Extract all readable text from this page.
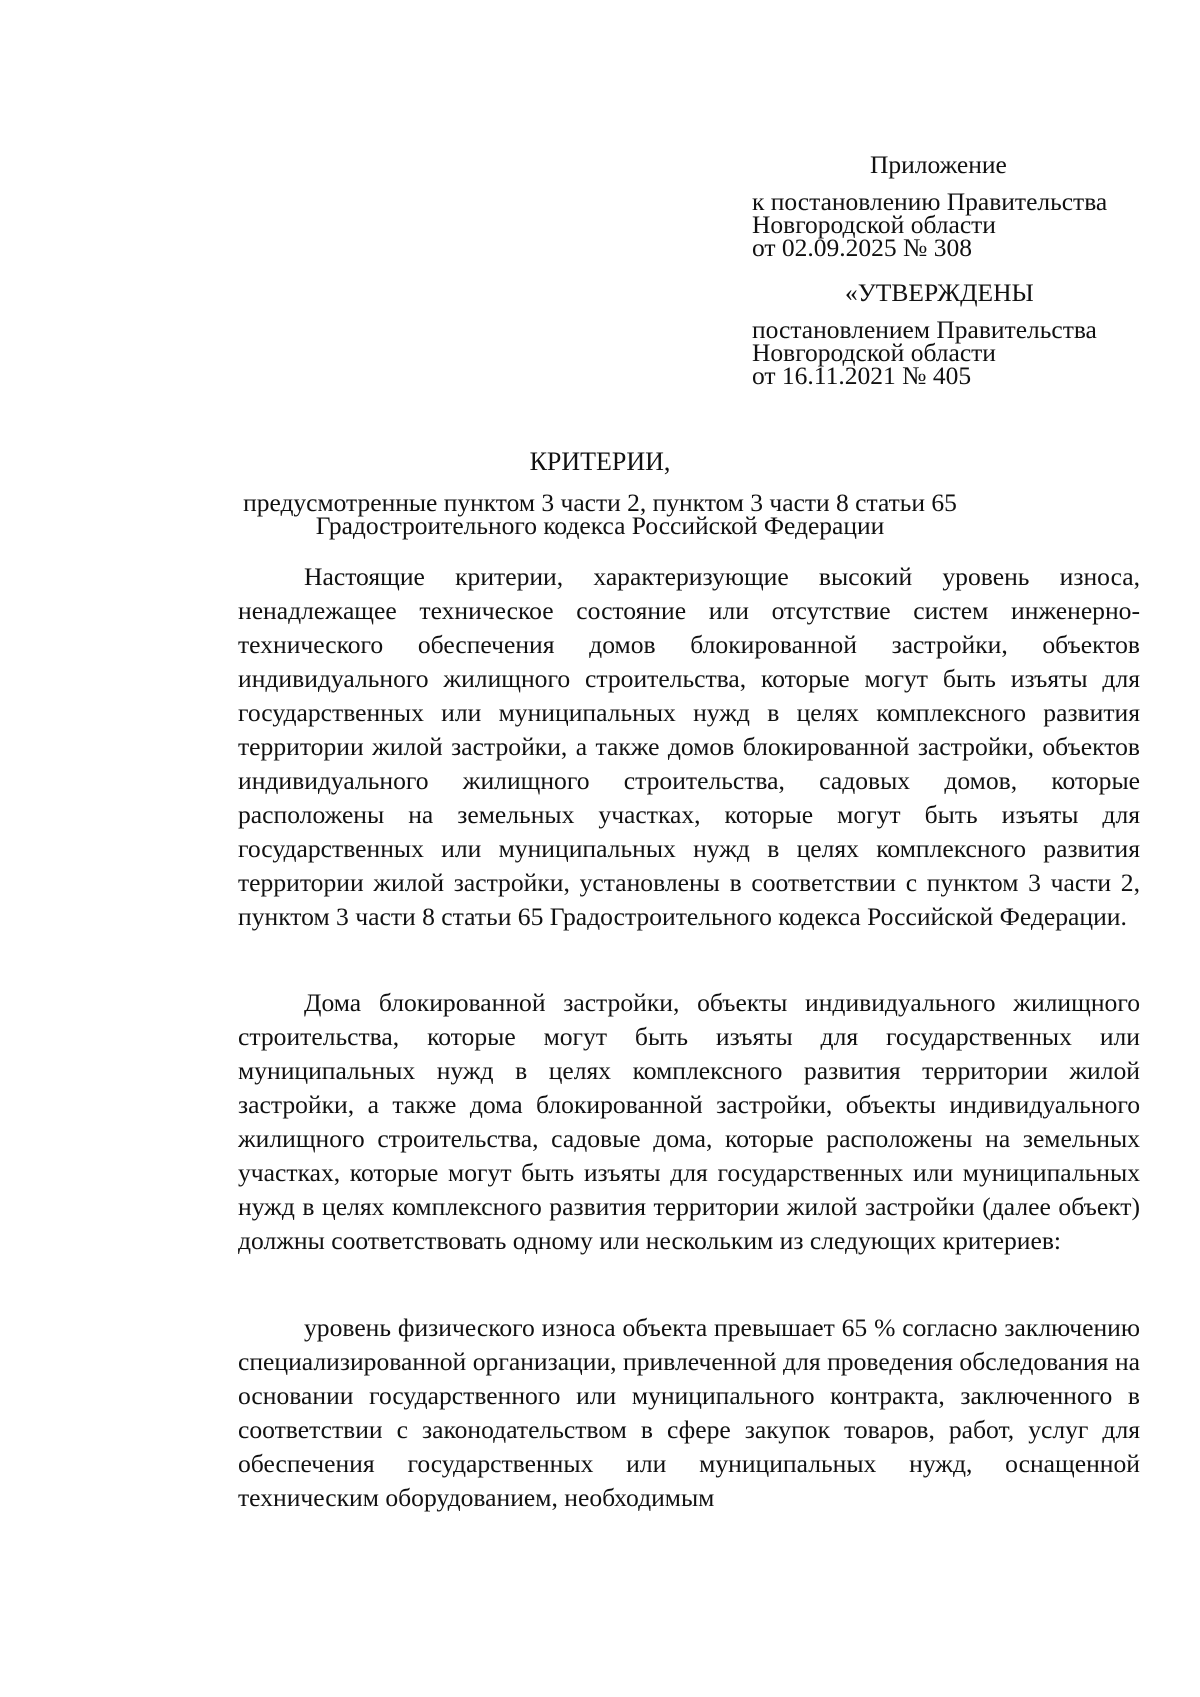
Приложение
к постановлению Правительства
Новгородской области
от 02.09.2025 № 308
«УТВЕРЖДЕНЫ
постановлением Правительства
Новгородской области
от 16.11.2021 № 405
КРИТЕРИИ,
предусмотренные пунктом 3 части 2, пунктом 3 части 8 статьи 65
Градостроительного кодекса Российской Федерации
Настоящие критерии, характеризующие высокий уровень износа, ненадлежащее техническое состояние или отсутствие систем инженерно-технического обеспечения домов блокированной застройки, объектов индивидуального жилищного строительства, которые могут быть изъяты для государственных или муниципальных нужд в целях комплексного развития территории жилой застройки, а также домов блокированной застройки, объектов индивидуального жилищного строительства, садовых домов, которые расположены на земельных участках, которые могут быть изъяты для государственных или муниципальных нужд в целях комплексного развития территории жилой застройки, установлены в соответствии с пунктом 3 части 2, пунктом 3 части 8 статьи 65 Градостроительного кодекса Российской Федерации.
Дома блокированной застройки, объекты индивидуального жилищного строительства, которые могут быть изъяты для государственных или муниципальных нужд в целях комплексного развития территории жилой застройки, а также дома блокированной застройки, объекты индивидуального жилищного строительства, садовые дома, которые расположены на земельных участках, которые могут быть изъяты для государственных или муниципальных нужд в целях комплексного развития территории жилой застройки (далее объект) должны соответствовать одному или нескольким из следующих критериев:
уровень физического износа объекта превышает 65 % согласно заключению специализированной организации, привлеченной для проведения обследования на основании государственного или муниципального контракта, заключенного в соответствии с законодательством в сфере закупок товаров, работ, услуг для обеспечения государственных или муниципальных нужд, оснащенной техническим оборудованием, необходимым
